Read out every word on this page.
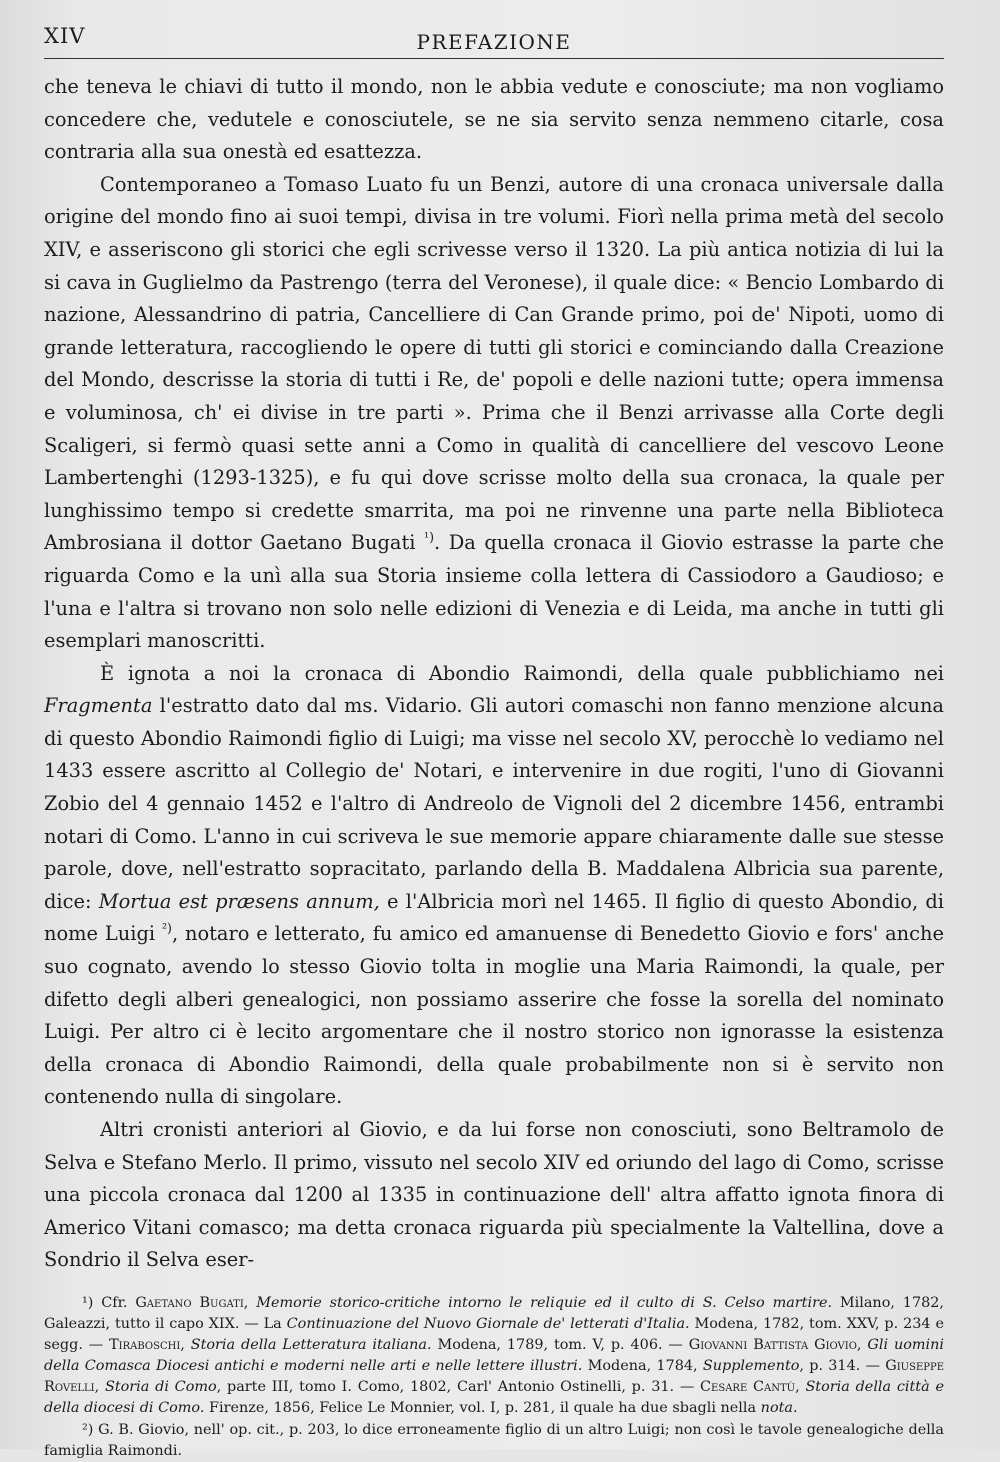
XIV	PREFAZIONE

che teneva le chiavi di tutto il mondo, non le abbia vedute e conosciute; ma non vogliamo concedere che, vedutele e conosciutele, se ne sia servito senza nemmeno citarle, cosa contraria alla sua onestà ed esattezza.

Contemporaneo a Tomaso Luato fu un Benzi, autore di una cronaca universale dalla origine del mondo fino ai suoi tempi, divisa in tre volumi. Fiorì nella prima metà del secolo XIV, e asseriscono gli storici che egli scrivesse verso il 1320. La più antica notizia di lui la si cava in Guglielmo da Pastrengo (terra del Veronese), il quale dice: « Bencio Lombardo di nazione, Alessandrino di patria, Cancelliere di Can Grande primo, poi de' Nipoti, uomo di grande letteratura, raccogliendo le opere di tutti gli storici e cominciando dalla Creazione del Mondo, descrisse la storia di tutti i Re, de' popoli e delle nazioni tutte; opera immensa e voluminosa, ch' ei divise in tre parti ». Prima che il Benzi arrivasse alla Corte degli Scaligeri, si fermò quasi sette anni a Como in qualità di cancelliere del vescovo Leone Lambertenghi (1293-1325), e fu qui dove scrisse molto della sua cronaca, la quale per lunghissimo tempo si credette smarrita, ma poi ne rinvenne una parte nella Biblioteca Ambrosiana il dottor Gaetano Bugati $^{^1)}$. Da quella cronaca il Giovio estrasse la parte che riguarda Como e la unì alla sua Storia insieme colla lettera di Cassiodoro a Gaudioso; e l'una e l'altra si trovano non solo nelle edizioni di Venezia e di Leida, ma anche in tutti gli esemplari manoscritti.

È ignota a noi la cronaca di Abondio Raimondi, della quale pubblichiamo nei Fragmenta l'estratto dato dal ms. Vidario. Gli autori comaschi non fanno menzione alcuna di questo Abondio Raimondi figlio di Luigi; ma visse nel secolo XV, perocchè lo vediamo nel 1433 essere ascritto al Collegio de' Notari, e intervenire in due rogiti, l'uno di Giovanni Zobio del 4 gennaio 1452 e l'altro di Andreolo de Vignoli del 2 dicembre 1456, entrambi notari di Como. L'anno in cui scriveva le sue memorie appare chiaramente dalle sue stesse parole, dove, nell'estratto sopracitato, parlando della B. Maddalena Albricia sua parente, dice: Mortua est præsens annum, e l'Albricia morì nel 1465. Il figlio di questo Abondio, di nome Luigi $^{^2)}$, notaro e letterato, fu amico ed amanuense di Benedetto Giovio e fors' anche suo cognato, avendo lo stesso Giovio tolta in moglie una Maria Raimondi, la quale, per difetto degli alberi genealogici, non possiamo asserire che fosse la sorella del nominato Luigi. Per altro ci è lecito argomentare che il nostro storico non ignorasse la esistenza della cronaca di Abondio Raimondi, della quale probabilmente non si è servito non contenendo nulla di singolare.

Altri cronisti anteriori al Giovio, e da lui forse non conosciuti, sono Beltramolo de Selva e Stefano Merlo. Il primo, vissuto nel secolo XIV ed oriundo del lago di Como, scrisse una piccola cronaca dal 1200 al 1335 in continuazione dell' altra affatto ignota finora di Americo Vitani comasco; ma detta cronaca riguarda più specialmente la Valtellina, dove a Sondrio il Selva eser-

¹) Cfr. Gaetano Bugati, Memorie storico-critiche intorno le reliquie ed il culto di S. Celso martire. Milano, 1782, Galeazzi, tutto il capo XIX. — La Continuazione del Nuovo Giornale de' letterati d'Italia. Modena, 1782, tom. XXV, p. 234 e segg. — Tiraboschi, Storia della Letteratura italiana. Modena, 1789, tom. V, p. 406. — Giovanni Battista Giovio, Gli uomini della Comasca Diocesi antichi e moderni nelle arti e nelle lettere illustri. Modena, 1784, Supplemento, p. 314. — Giuseppe Rovelli, Storia di Como, parte III, tomo I. Como, 1802, Carl' Antonio Ostinelli, p. 31. — Cesare Cantù, Storia della città e della diocesi di Como. Firenze, 1856, Felice Le Monnier, vol. I, p. 281, il quale ha due sbagli nella nota.

²) G. B. Giovio, nell' op. cit., p. 203, lo dice erroneamente figlio di un altro Luigi; non così le tavole genealogiche della famiglia Raimondi.
